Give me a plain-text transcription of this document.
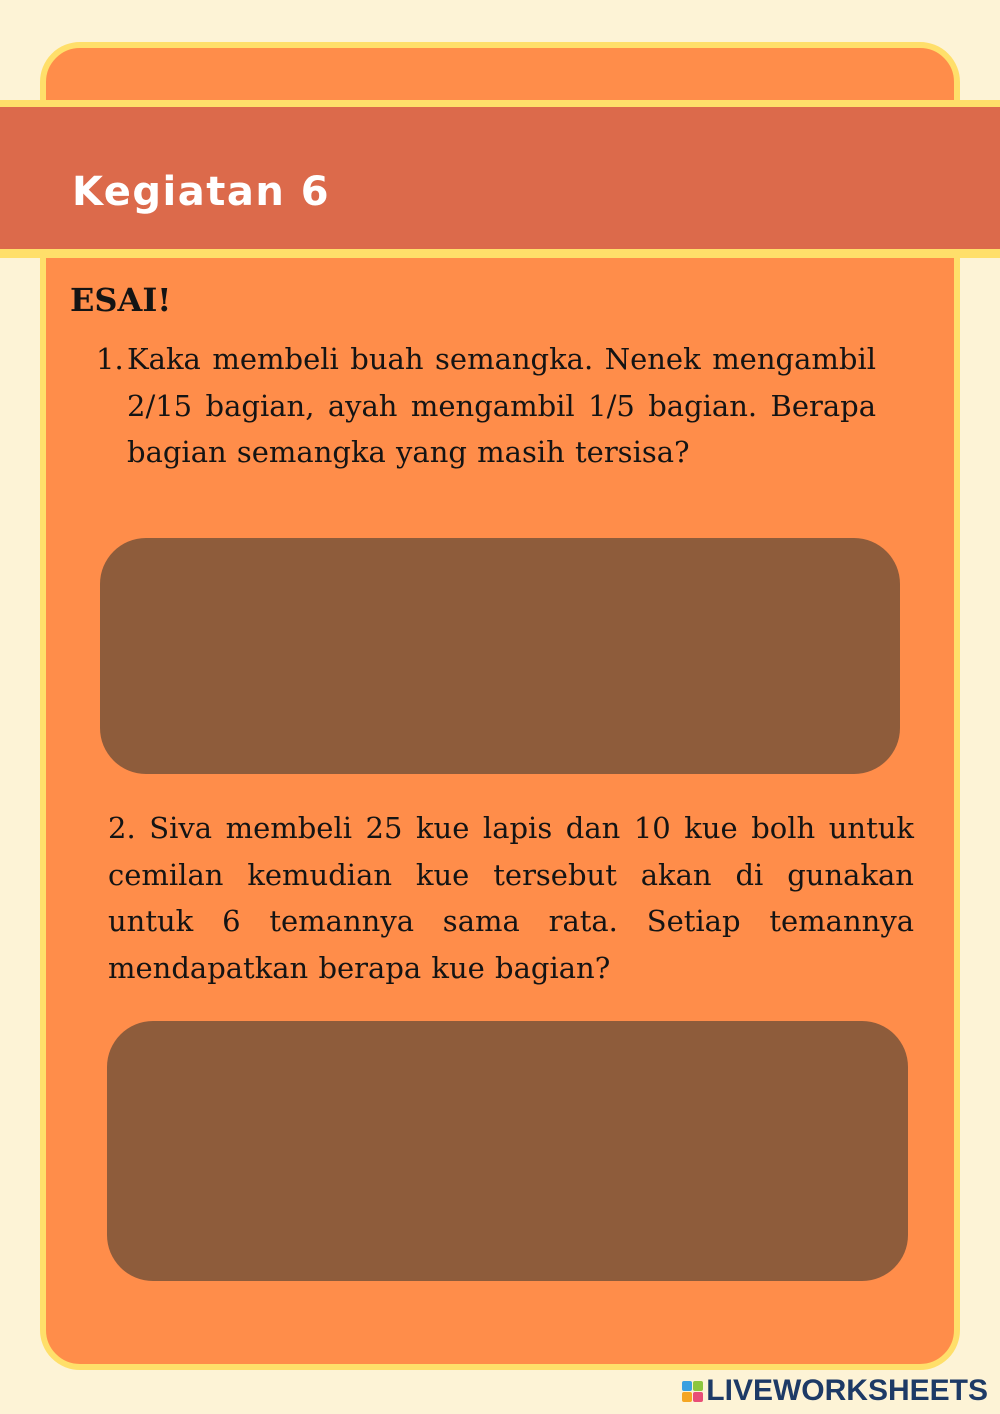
Kegiatan 6
ESAI!
1. Kaka membeli buah semangka. Nenek mengambil 2/15 bagian, ayah mengambil 1/5 bagian. Berapa bagian semangka yang masih tersisa?

2. Siva membeli 25 kue lapis dan 10 kue bolh untuk cemilan kemudian kue tersebut akan di gunakan untuk 6 temannya sama rata. Setiap temannya mendapatkan berapa kue bagian?

LIVEWORKSHEETS
